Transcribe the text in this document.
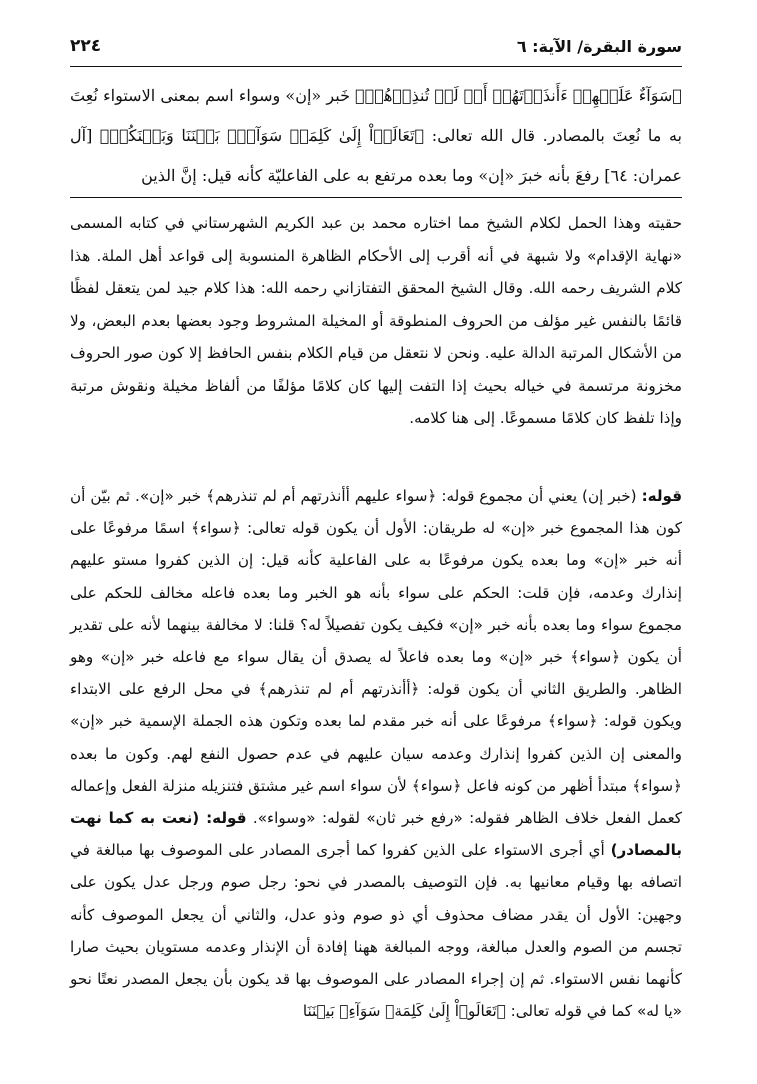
٢٢٤	سورة البقرة/ الآية: ٦

﴿سَوَآءٌ عَلَيۡهِمۡ ءَأَنذَرۡتَهُمۡ أَمۡ لَمۡ تُنذِرۡهُمۡ﴾ خَبر «إن» وسواء اسم بمعنى الاستواء نُعِتَ به ما نُعِتَ بالمصادر. قال الله تعالى: ﴿تَعَالَوۡاْ إِلَىٰ كَلِمَةٖ سَوَآءِۭ بَيۡنَنَا وَبَيۡنَكُمۡ﴾ [آل عمران: ٦٤] رفعَ بأنه خبرَ «إن» وما بعده مرتفع به على الفاعليّة كأنه قيل: إنَّ الذين

حقيته وهذا الحمل لكلام الشيخ مما اختاره محمد بن عبد الكريم الشهرستاني في كتابه المسمى «نهاية الإقدام» ولا شبهة في أنه أقرب إلى الأحكام الظاهرة المنسوبة إلى قواعد أهل الملة. هذا كلام الشريف رحمه الله. وقال الشيخ المحقق التفتازاني رحمه الله: هذا كلام جيد لمن يتعقل لفظًا قائمًا بالنفس غير مؤلف من الحروف المنطوقة أو المخيلة المشروط وجود بعضها بعدم البعض، ولا من الأشكال المرتبة الدالة عليه. ونحن لا نتعقل من قيام الكلام بنفس الحافظ إلا كون صور الحروف مخزونة مرتسمة في خياله بحيث إذا التفت إليها كان كلامًا مؤلفًا من ألفاظ مخيلة ونقوش مرتبة وإذا تلفظ كان كلامًا مسموعًا. إلى هنا كلامه.

قوله: (خبر إن) يعني أن مجموع قوله: ﴿سواء عليهم أأنذرتهم أم لم تنذرهم﴾ خبر «إن». ثم بيّن أن كون هذا المجموع خبر «إن» له طريقان: الأول أن يكون قوله تعالى: ﴿سواء﴾ اسمًا مرفوعًا على أنه خبر «إن» وما بعده يكون مرفوعًا به على الفاعلية كأنه قيل: إن الذين كفروا مستو عليهم إنذارك وعدمه، فإن قلت: الحكم على سواء بأنه هو الخبر وما بعده فاعله مخالف للحكم على مجموع سواء وما بعده بأنه خبر «إن» فكيف يكون تفصيلاً له؟ قلنا: لا مخالفة بينهما لأنه على تقدير أن يكون ﴿سواء﴾ خبر «إن» وما بعده فاعلاً له يصدق أن يقال سواء مع فاعله خبر «إن» وهو الظاهر. والطريق الثاني أن يكون قوله: ﴿أأنذرتهم أم لم تنذرهم﴾ في محل الرفع على الابتداء ويكون قوله: ﴿سواء﴾ مرفوعًا على أنه خبر مقدم لما بعده وتكون هذه الجملة الإسمية خبر «إن» والمعنى إن الذين كفروا إنذارك وعدمه سيان عليهم في عدم حصول النفع لهم. وكون ما بعده ﴿سواء﴾ مبتدأ أظهر من كونه فاعل ﴿سواء﴾ لأن سواء اسم غير مشتق فتنزيله منزلة الفعل وإعماله كعمل الفعل خلاف الظاهر فقوله: «رفع خبر ثان» لقوله: «وسواء». قوله: (نعت به كما نهت بالمصادر) أي أجرى الاستواء على الذين كفروا كما أجرى المصادر على الموصوف بها مبالغة في اتصافه بها وقيام معانيها به. فإن التوصيف بالمصدر في نحو: رجل صوم ورجل عدل يكون على وجهين: الأول أن يقدر مضاف محذوف أي ذو صوم وذو عدل، والثاني أن يجعل الموصوف كأنه تجسم من الصوم والعدل مبالغة، ووجه المبالغة ههنا إفادة أن الإنذار وعدمه مستويان بحيث صارا كأنهما نفس الاستواء. ثم إن إجراء المصادر على الموصوف بها قد يكون بأن يجعل المصدر نعتًا نحو «يا له» كما في قوله تعالى: ﴿تَعَالَوۡاْ إِلَىٰ كَلِمَةٖ سَوَآءِۭ بَيۡنَنَا
